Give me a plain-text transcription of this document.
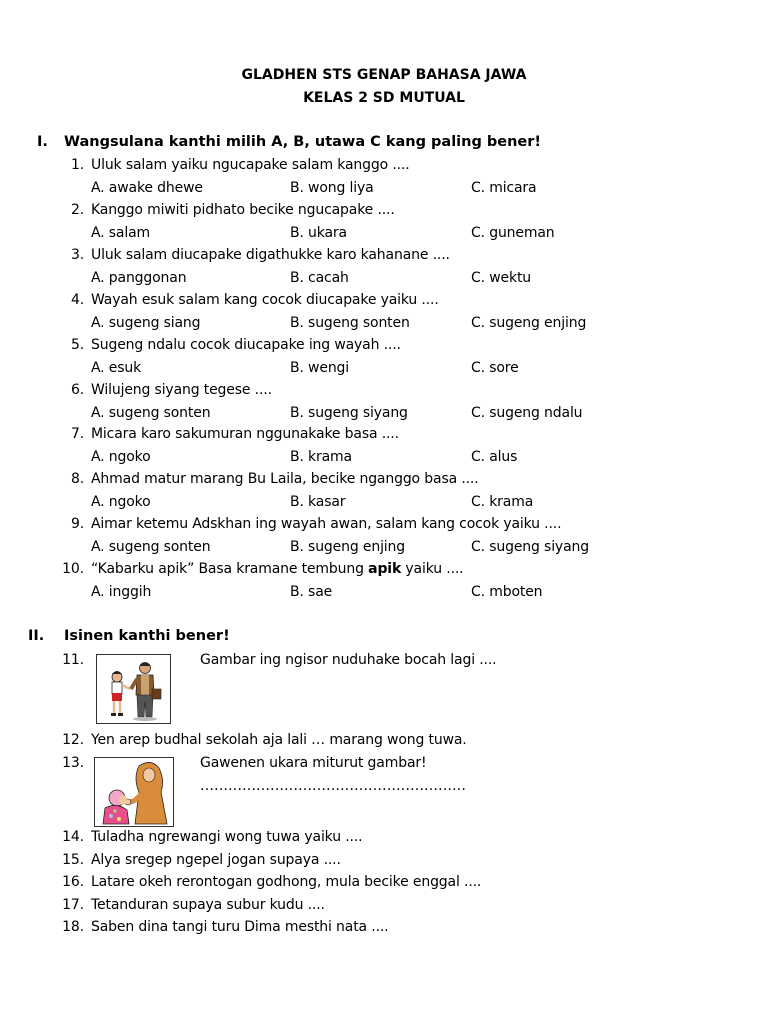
GLADHEN STS GENAP BAHASA JAWA
KELAS 2 SD MUTUAL
I. Wangsulana kanthi milih A, B, utawa C kang paling bener!
1. Uluk salam yaiku ngucapake salam kanggo ....
A. awake dhewe	B. wong liya	C. micara
2. Kanggo miwiti pidhato becike ngucapake ....
A. salam	B. ukara	C. guneman
3. Uluk salam diucapake digathukke karo kahanane ....
A. panggonan	B. cacah	C. wektu
4. Wayah esuk salam kang cocok diucapake yaiku ....
A. sugeng siang	B. sugeng sonten	C. sugeng enjing
5. Sugeng ndalu cocok diucapake ing wayah ....
A. esuk	B. wengi	C. sore
6. Wilujeng siyang tegese ....
A. sugeng sonten	B. sugeng siyang	C. sugeng ndalu
7. Micara karo sakumuran nggunakake basa ....
A. ngoko	B. krama	C. alus
8. Ahmad matur marang Bu Laila, becike nganggo basa ....
A. ngoko	B. kasar	C. krama
9. Aimar ketemu Adskhan ing wayah awan, salam kang cocok yaiku ....
A. sugeng sonten	B. sugeng enjing	C. sugeng siyang
10. “Kabarku apik” Basa kramane tembung apik yaiku ....
A. inggih	B. sae	C. mboten
II. Isinen kanthi bener!
11.	Gambar ing ngisor nuduhake bocah lagi ....
12. Yen arep budhal sekolah aja lali … marang wong tuwa.
13.	Gawenen ukara miturut gambar!
…………………………………………………
14. Tuladha ngrewangi wong tuwa yaiku ....
15. Alya sregep ngepel jogan supaya ....
16. Latare okeh rerontogan godhong, mula becike enggal ....
17. Tetanduran supaya subur kudu ....
18. Saben dina tangi turu Dima mesthi nata ....
